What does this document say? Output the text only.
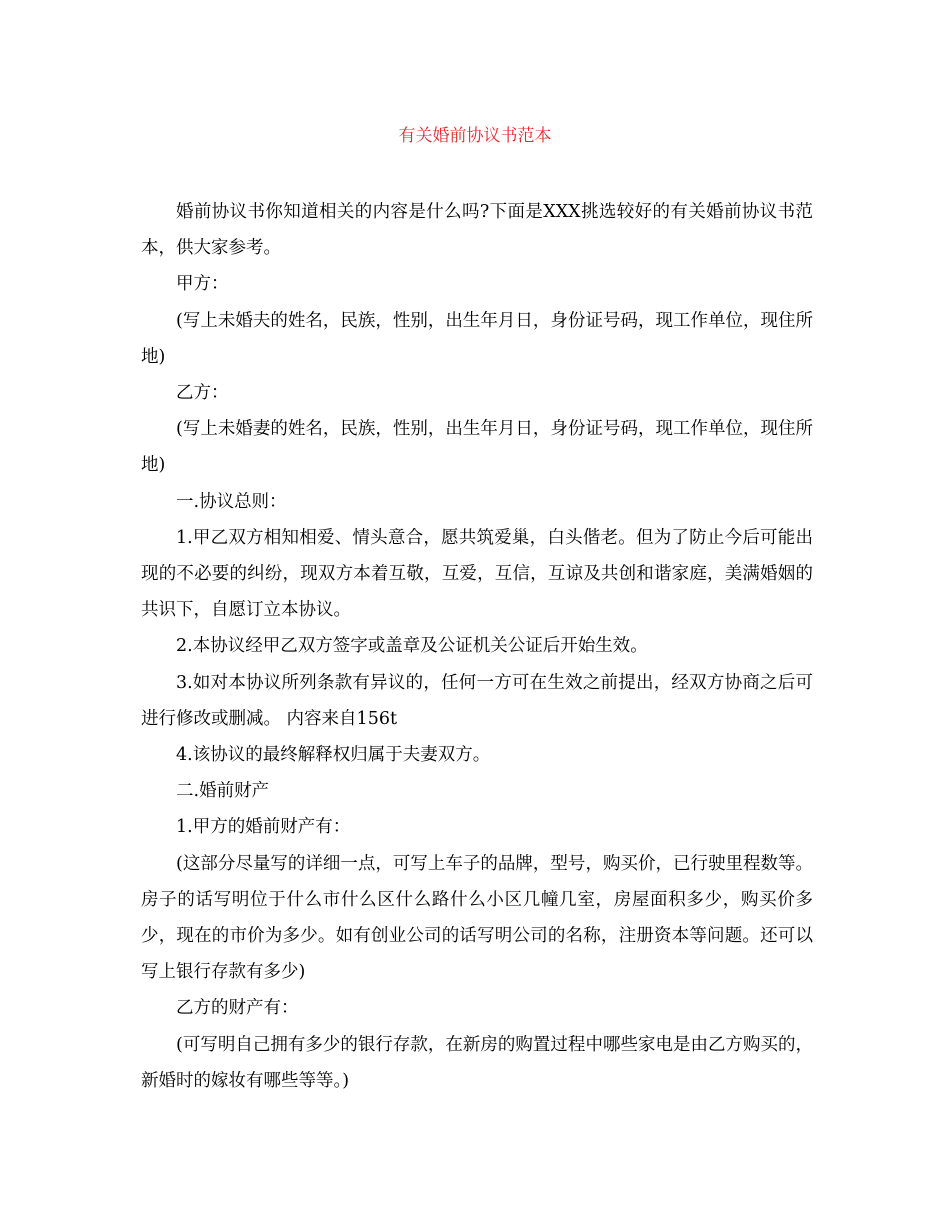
有关婚前协议书范本

婚前协议书你知道相关的内容是什么吗?下面是XXX挑选较好的有关婚前协议书范本，供大家参考。

甲方：

(写上未婚夫的姓名，民族，性别，出生年月日，身份证号码，现工作单位，现住所地)

乙方：

(写上未婚妻的姓名，民族，性别，出生年月日，身份证号码，现工作单位，现住所地)

一.协议总则：

1.甲乙双方相知相爱、情头意合，愿共筑爱巢，白头偕老。但为了防止今后可能出现的不必要的纠纷，现双方本着互敬，互爱，互信，互谅及共创和谐家庭，美满婚姻的共识下，自愿订立本协议。

2.本协议经甲乙双方签字或盖章及公证机关公证后开始生效。

3.如对本协议所列条款有异议的，任何一方可在生效之前提出，经双方协商之后可进行修改或删减。 内容来自156t

4.该协议的最终解释权归属于夫妻双方。

二.婚前财产

1.甲方的婚前财产有：

(这部分尽量写的详细一点，可写上车子的品牌，型号，购买价，已行驶里程数等。房子的话写明位于什么市什么区什么路什么小区几幢几室，房屋面积多少，购买价多少，现在的市价为多少。如有创业公司的话写明公司的名称，注册资本等问题。还可以写上银行存款有多少)

乙方的财产有：

(可写明自己拥有多少的银行存款，在新房的购置过程中哪些家电是由乙方购买的，新婚时的嫁妆有哪些等等。)
